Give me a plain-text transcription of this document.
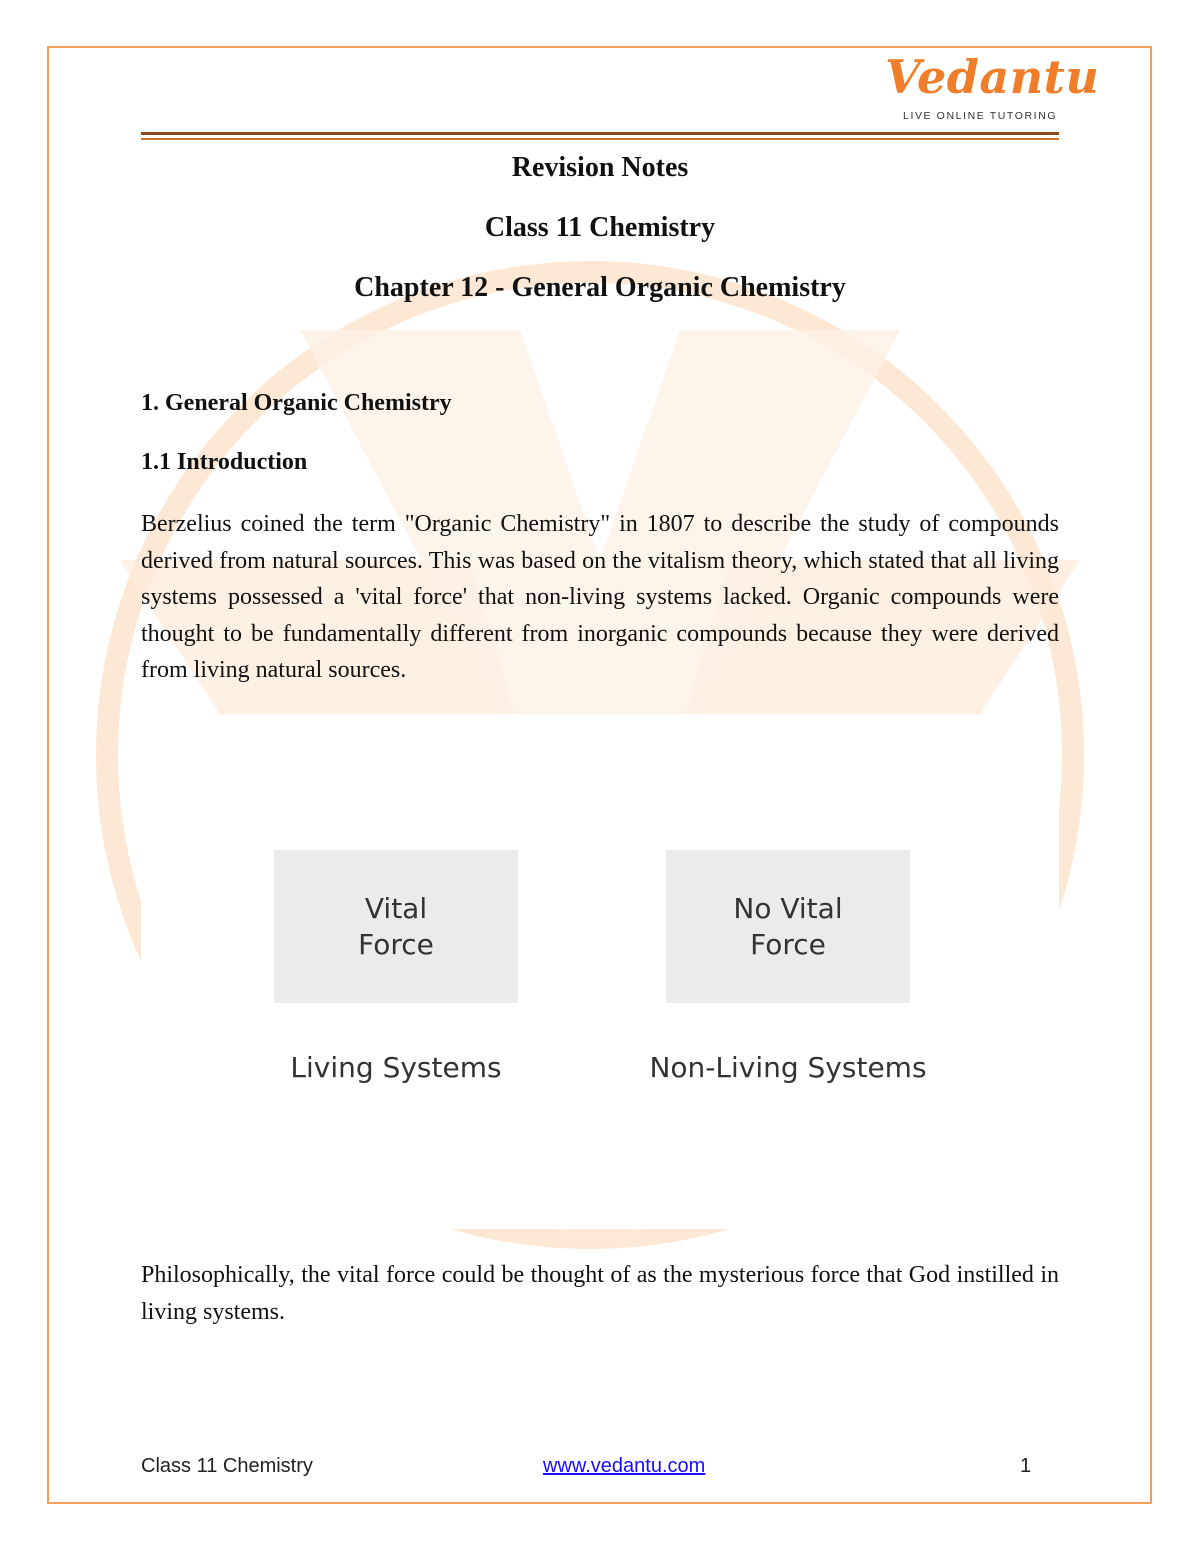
Vedantu
LIVE ONLINE TUTORING
Revision Notes
Class 11 Chemistry
Chapter 12 - General Organic Chemistry
1. General Organic Chemistry
1.1 Introduction

Berzelius coined the term "Organic Chemistry" in 1807 to describe the study of compounds derived from natural sources. This was based on the vitalism theory, which stated that all living systems possessed a 'vital force' that non-living systems lacked. Organic compounds were thought to be fundamentally different from inorganic compounds because they were derived from living natural sources.

Vital
Force
No Vital
Force
Living Systems	Non-Living Systems

Philosophically, the vital force could be thought of as the mysterious force that God instilled in living systems.

Class 11 Chemistry	www.vedantu.com	1
